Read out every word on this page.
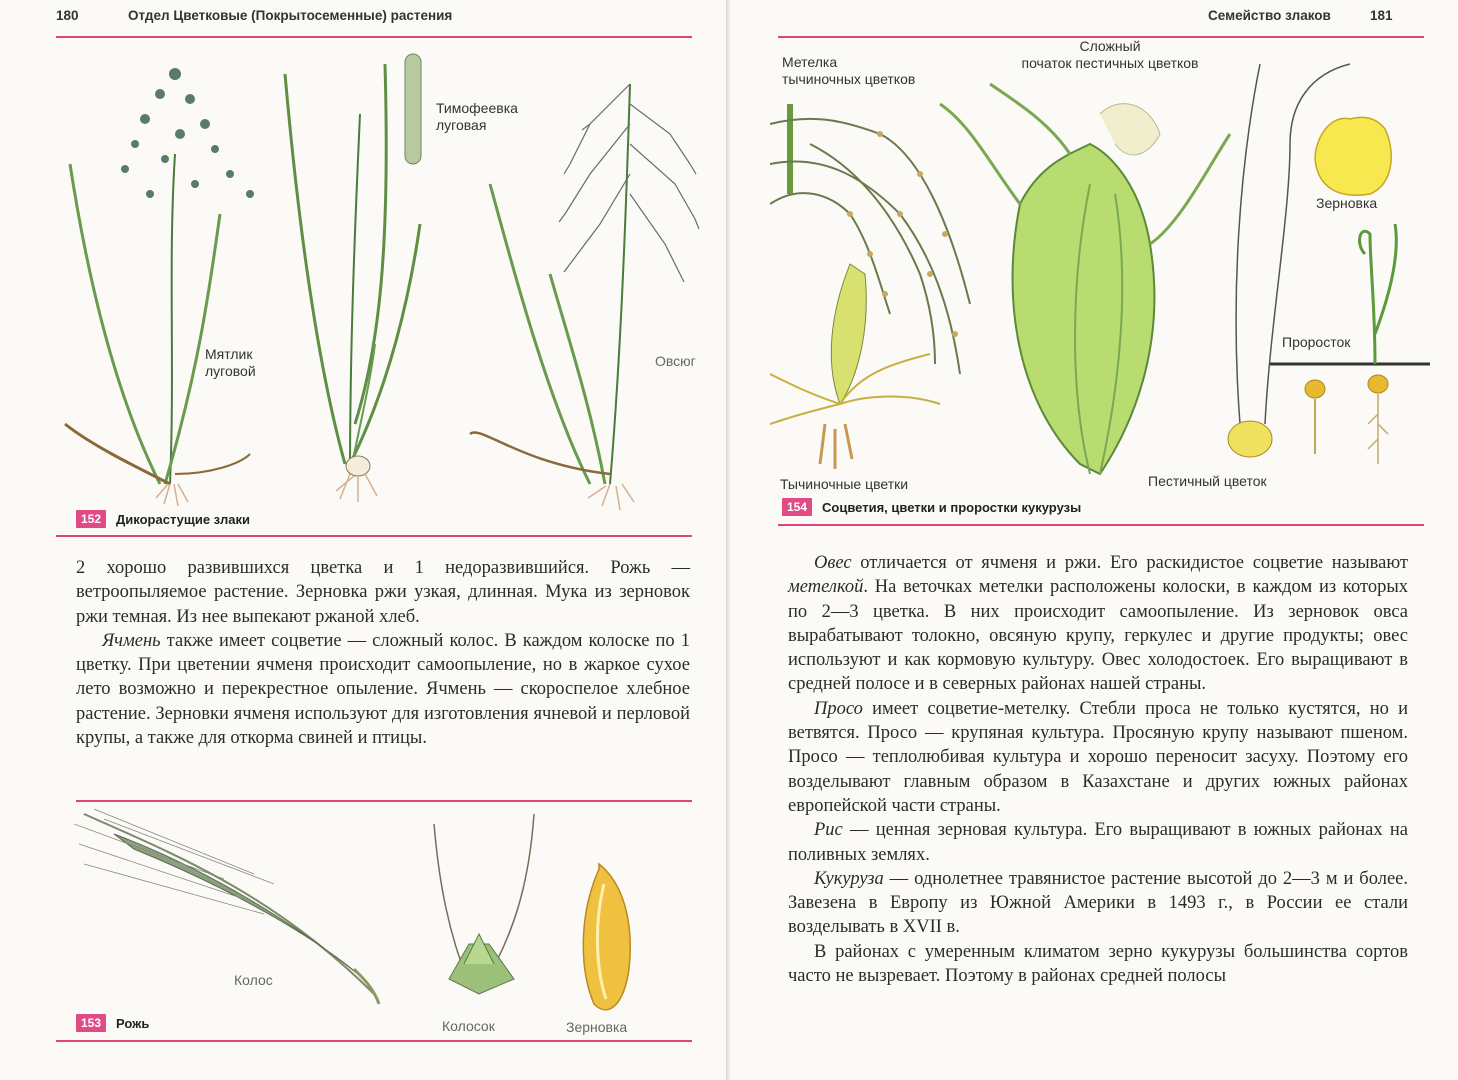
180	Отдел Цветковые (Покрытосеменные) растения
Мятлик
луговой
Тимофеевка
луговая
Овсюг
152	Дикорастущие злаки

2 хорошо развившихся цветка и 1 недоразвившийся. Рожь — ветроопыляемое растение. Зерновка ржи узкая, длинная. Мука из зерновок ржи темная. Из нее выпекают ржаной хлеб.

Ячмень также имеет соцветие — сложный колос. В каждом колоске по 1 цветку. При цветении ячменя происходит самоопыление, но в жаркое сухое лето возможно и перекрестное опыление. Ячмень — скороспелое хлебное растение. Зерновки ячменя используют для изготовления ячневой и перловой крупы, а также для откорма свиней и птицы.

Колос
Колосок	Зерновка
153	Рожь
Семейство злаков	181
Метелка
тычиночных цветков
Сложный
початок пестичных цветков
Зерновка
Проросток
Тычиночные цветки	Пестичный цветок
154	Соцветия, цветки и проростки кукурузы

Овес отличается от ячменя и ржи. Его раскидистое соцветие называют метелкой. На веточках метелки расположены колоски, в каждом из которых по 2—3 цветка. В них происходит самоопыление. Из зерновок овса вырабатывают толокно, овсяную крупу, геркулес и другие продукты; овес используют и как кормовую культуру. Овес холодостоек. Его выращивают в средней полосе и в северных районах нашей страны.

Просо имеет соцветие-метелку. Стебли проса не только кустятся, но и ветвятся. Просо — крупяная культура. Просяную крупу называют пшеном. Просо — теплолюбивая культура и хорошо переносит засуху. Поэтому его возделывают главным образом в Казахстане и других южных районах европейской части страны.

Рис — ценная зерновая культура. Его выращивают в южных районах на поливных землях.

Кукуруза — однолетнее травянистое растение высотой до 2—3 м и более. Завезена в Европу из Южной Америки в 1493 г., в России ее стали возделывать в XVII в.

В районах с умеренным климатом зерно кукурузы большинства сортов часто не вызревает. Поэтому в районах средней полосы
